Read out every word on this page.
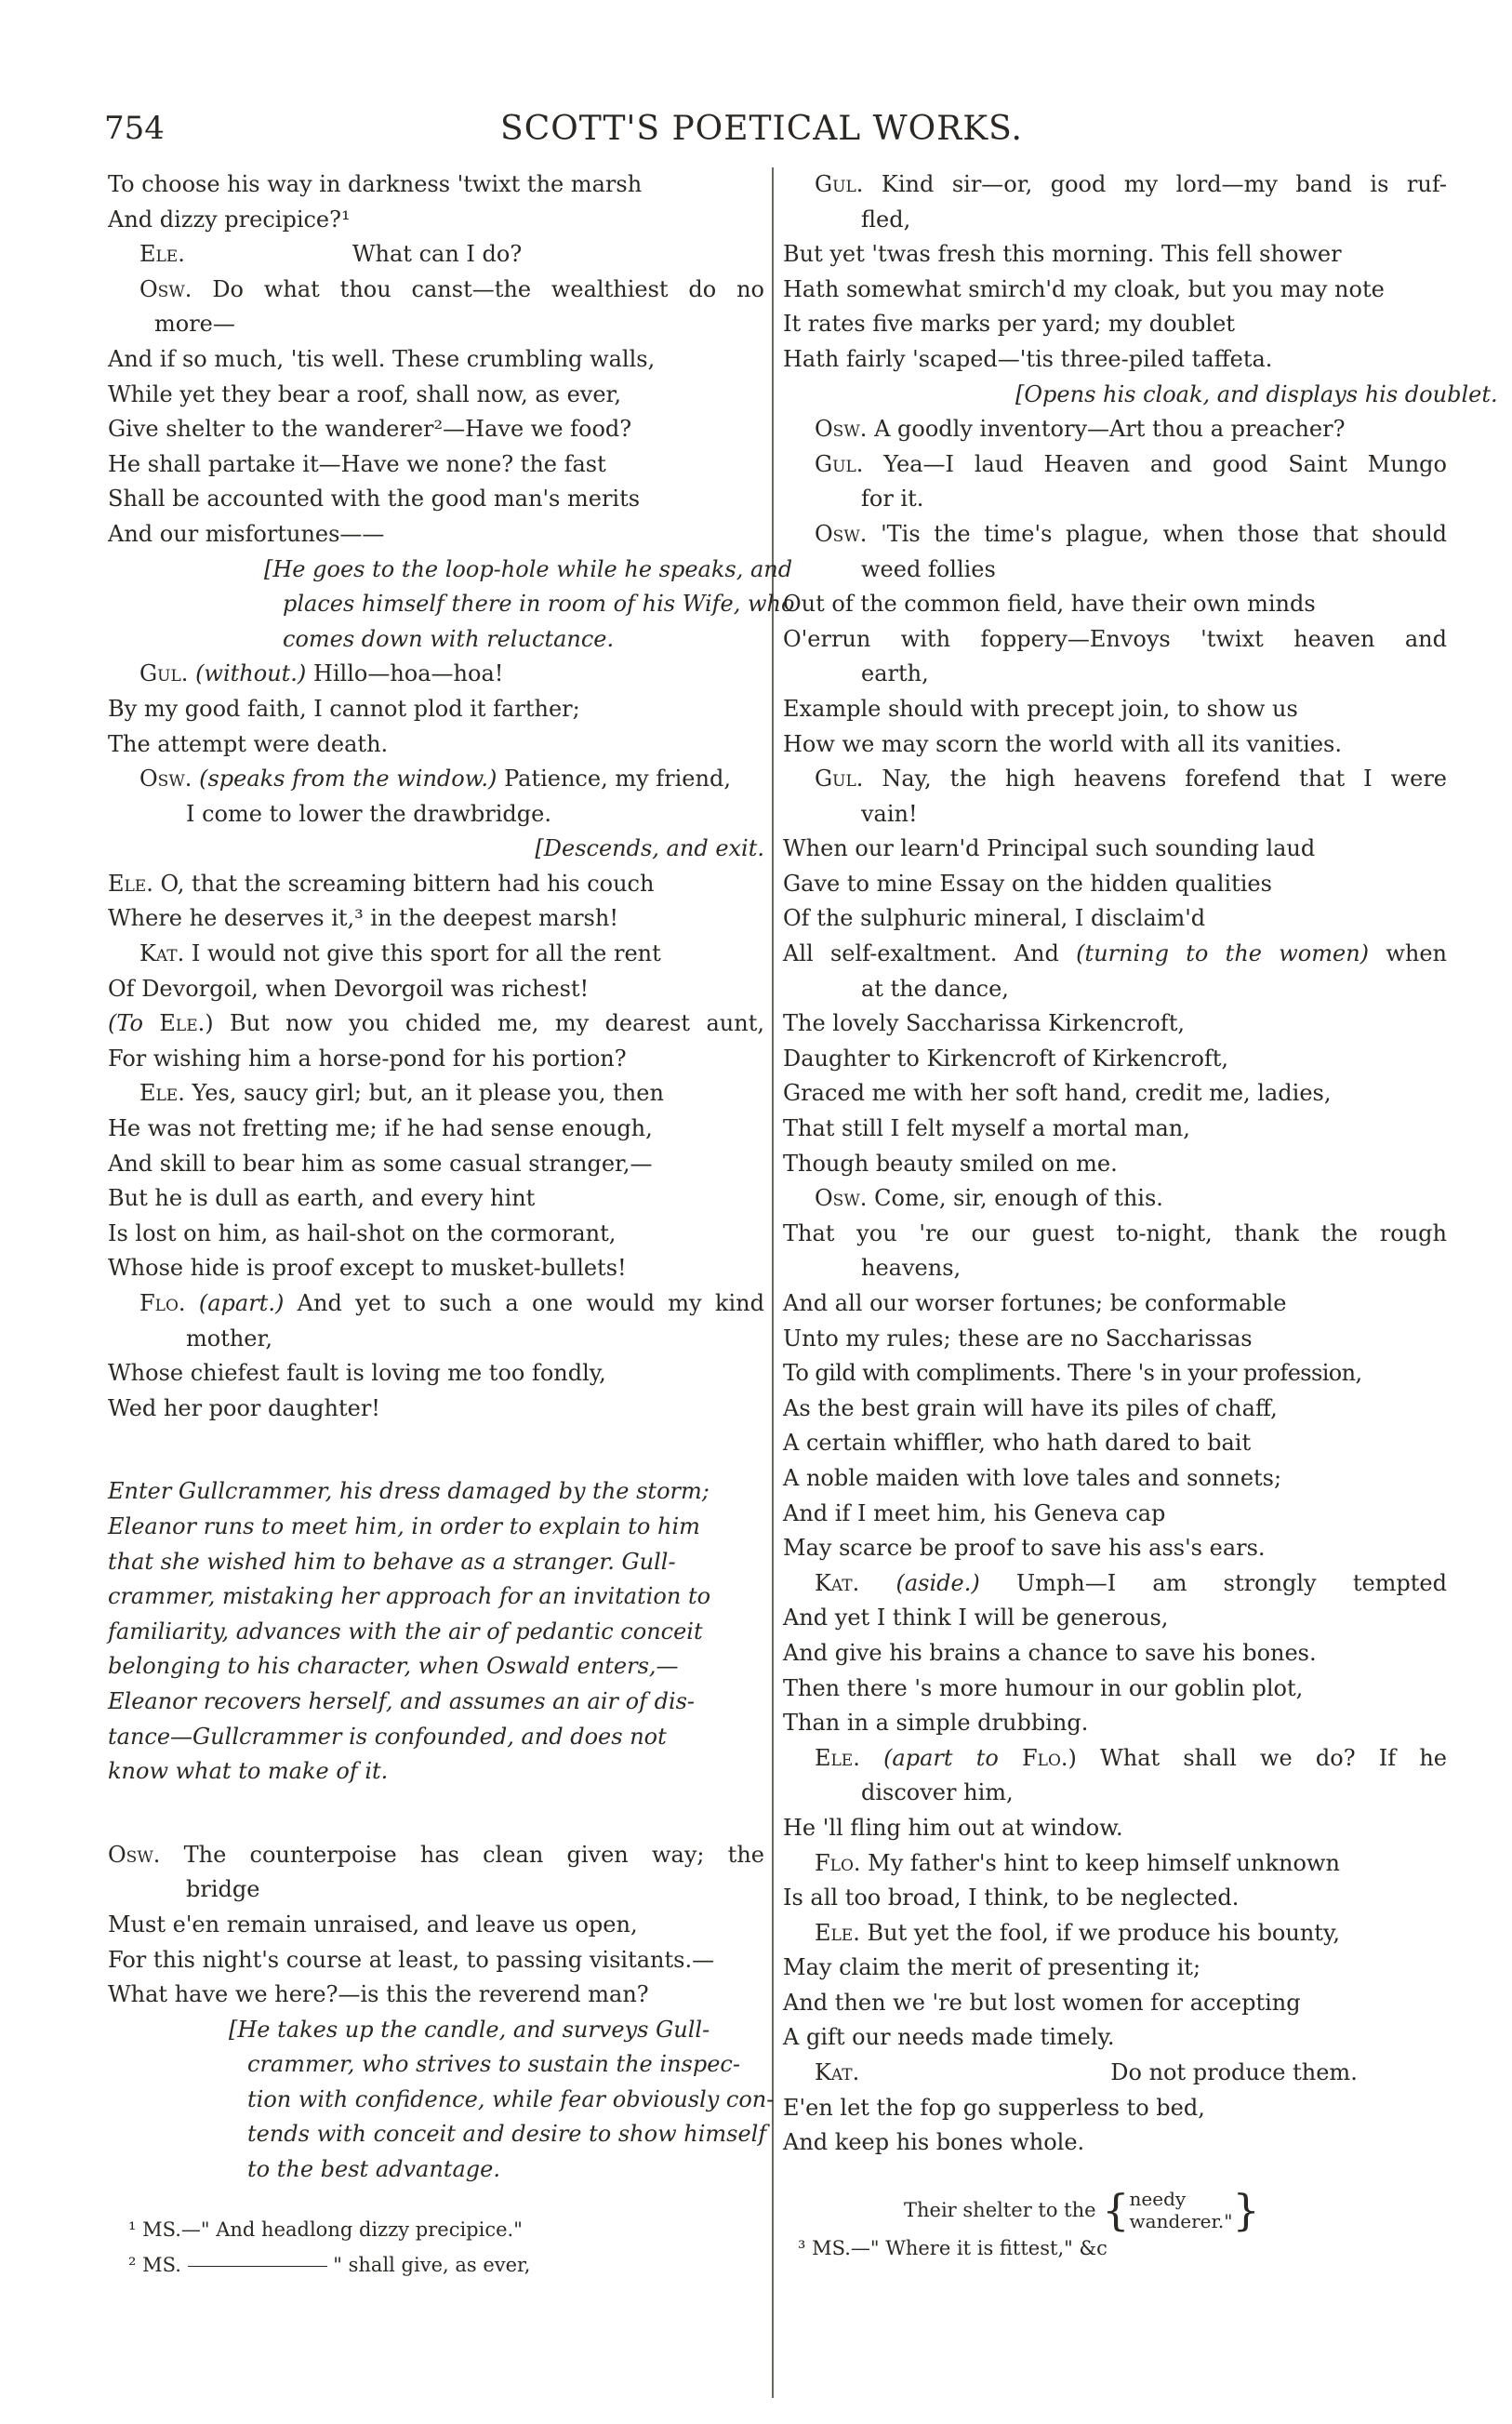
754	SCOTT'S POETICAL WORKS.
To choose his way in darkness 'twixt the marsh
And dizzy precipice?¹
Ele.	What can I do?
Osw. Do what thou canst—the wealthiest do no
more—
And if so much, 'tis well. These crumbling walls,
While yet they bear a roof, shall now, as ever,
Give shelter to the wanderer²—Have we food?
He shall partake it—Have we none? the fast
Shall be accounted with the good man's merits
And our misfortunes——
[He goes to the loop-hole while he speaks, and
places himself there in room of his Wife, who
comes down with reluctance.
Gul. (without.) Hillo—hoa—hoa!
By my good faith, I cannot plod it farther;
The attempt were death.
Osw. (speaks from the window.) Patience, my friend,
I come to lower the drawbridge.
[Descends, and exit.
Ele. O, that the screaming bittern had his couch
Where he deserves it,³ in the deepest marsh!
Kat. I would not give this sport for all the rent
Of Devorgoil, when Devorgoil was richest!
(To Ele.) But now you chided me, my dearest aunt,
For wishing him a horse-pond for his portion?
Ele. Yes, saucy girl; but, an it please you, then
He was not fretting me; if he had sense enough,
And skill to bear him as some casual stranger,—
But he is dull as earth, and every hint
Is lost on him, as hail-shot on the cormorant,
Whose hide is proof except to musket-bullets!
Flo. (apart.) And yet to such a one would my kind
mother,
Whose chiefest fault is loving me too fondly,
Wed her poor daughter!
Enter Gullcrammer, his dress damaged by the storm;
Eleanor runs to meet him, in order to explain to him
that she wished him to behave as a stranger. Gull-
crammer, mistaking her approach for an invitation to
familiarity, advances with the air of pedantic conceit
belonging to his character, when Oswald enters,—
Eleanor recovers herself, and assumes an air of dis-
tance—Gullcrammer is confounded, and does not
know what to make of it.
Osw. The counterpoise has clean given way; the
bridge
Must e'en remain unraised, and leave us open,
For this night's course at least, to passing visitants.—
What have we here?—is this the reverend man?
[He takes up the candle, and surveys Gull-
crammer, who strives to sustain the inspec-
tion with confidence, while fear obviously con-
tends with conceit and desire to show himself
to the best advantage.
¹ MS.—" And headlong dizzy precipice."
² MS.	" shall give, as ever,
Gul. Kind sir—or, good my lord—my band is ruf-
fled,
But yet 'twas fresh this morning. This fell shower
Hath somewhat smirch'd my cloak, but you may note
It rates five marks per yard; my doublet
Hath fairly 'scaped—'tis three-piled taffeta.
[Opens his cloak, and displays his doublet.
Osw. A goodly inventory—Art thou a preacher?
Gul. Yea—I laud Heaven and good Saint Mungo
for it.
Osw. 'Tis the time's plague, when those that should
weed follies
Out of the common field, have their own minds
O'errun with foppery—Envoys 'twixt heaven and
earth,
Example should with precept join, to show us
How we may scorn the world with all its vanities.
Gul. Nay, the high heavens forefend that I were
vain!
When our learn'd Principal such sounding laud
Gave to mine Essay on the hidden qualities
Of the sulphuric mineral, I disclaim'd
All self-exaltment. And (turning to the women) when
at the dance,
The lovely Saccharissa Kirkencroft,
Daughter to Kirkencroft of Kirkencroft,
Graced me with her soft hand, credit me, ladies,
That still I felt myself a mortal man,
Though beauty smiled on me.
Osw. Come, sir, enough of this.
That you 're our guest to-night, thank the rough
heavens,
And all our worser fortunes; be conformable
Unto my rules; these are no Saccharissas
To gild with compliments. There 's in your profession,
As the best grain will have its piles of chaff,
A certain whiffler, who hath dared to bait
A noble maiden with love tales and sonnets;
And if I meet him, his Geneva cap
May scarce be proof to save his ass's ears.
Kat. (aside.) Umph—I am strongly tempted
And yet I think I will be generous,
And give his brains a chance to save his bones.
Then there 's more humour in our goblin plot,
Than in a simple drubbing.
Ele. (apart to Flo.) What shall we do? If he
discover him,
He 'll fling him out at window.
Flo. My father's hint to keep himself unknown
Is all too broad, I think, to be neglected.
Ele. But yet the fool, if we produce his bounty,
May claim the merit of presenting it;
And then we 're but lost women for accepting
A gift our needs made timely.
Kat.	Do not produce them.
E'en let the fop go supperless to bed,
And keep his bones whole.
Their shelter to the {needy
wanderer."}
³ MS.—" Where it is fittest," &c
